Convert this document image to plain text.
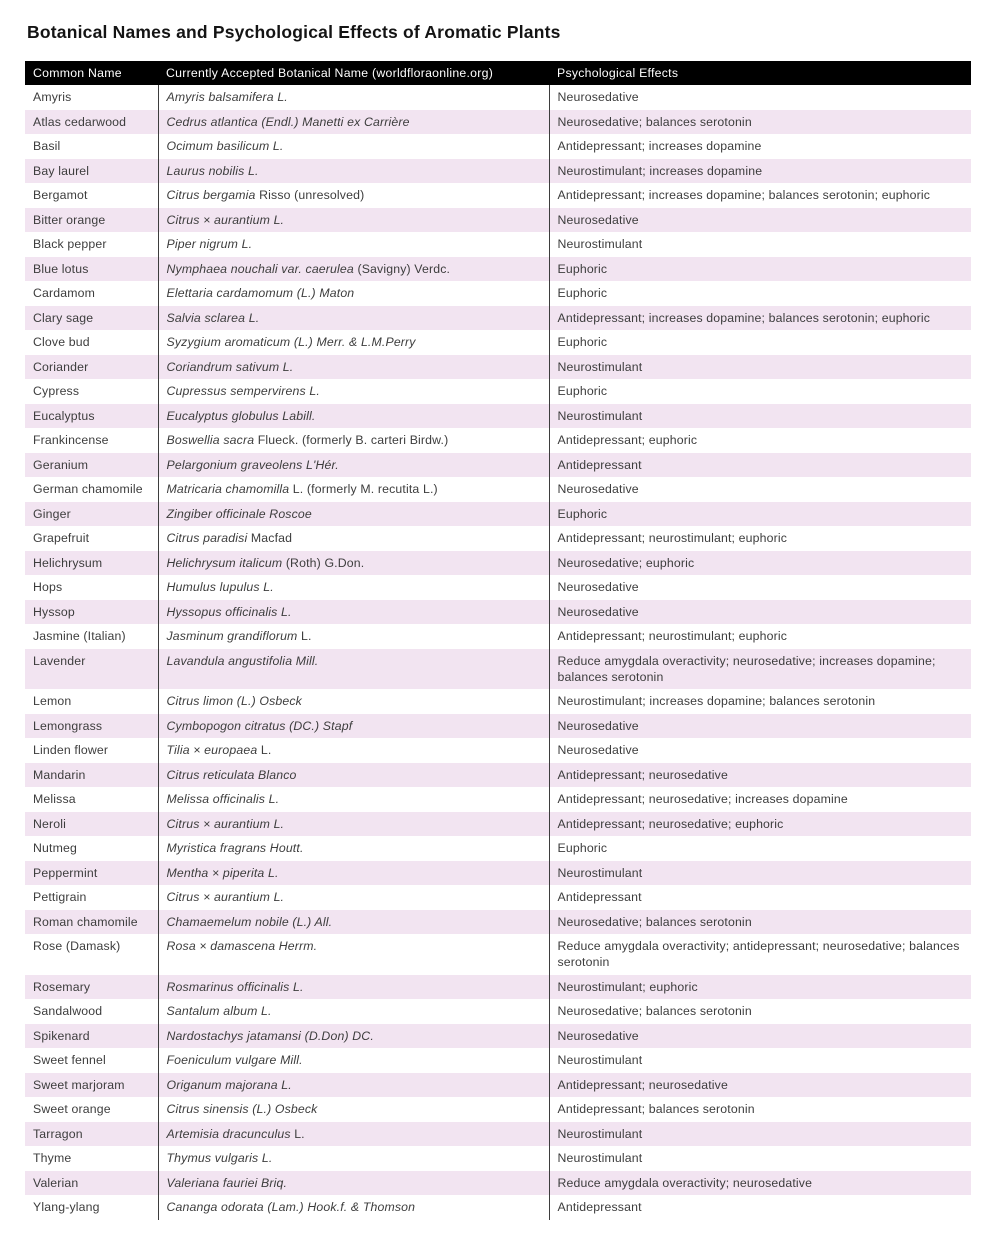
Botanical Names and Psychological Effects of Aromatic Plants
Common Name	Currently Accepted Botanical Name (worldfloraonline.org)	Psychological Effects
Amyris	Amyris balsamifera L.	Neurosedative
Atlas cedarwood	Cedrus atlantica (Endl.) Manetti ex Carrière	Neurosedative; balances serotonin
Basil	Ocimum basilicum L.	Antidepressant; increases dopamine
Bay laurel	Laurus nobilis L.	Neurostimulant; increases dopamine
Bergamot	Citrus bergamia Risso (unresolved)	Antidepressant; increases dopamine; balances serotonin; euphoric
Bitter orange	Citrus × aurantium L.	Neurosedative
Black pepper	Piper nigrum L.	Neurostimulant
Blue lotus	Nymphaea nouchali var. caerulea (Savigny) Verdc.	Euphoric
Cardamom	Elettaria cardamomum (L.) Maton	Euphoric
Clary sage	Salvia sclarea L.	Antidepressant; increases dopamine; balances serotonin; euphoric
Clove bud	Syzygium aromaticum (L.) Merr. & L.M.Perry	Euphoric
Coriander	Coriandrum sativum L.	Neurostimulant
Cypress	Cupressus sempervirens L.	Euphoric
Eucalyptus	Eucalyptus globulus Labill.	Neurostimulant
Frankincense	Boswellia sacra Flueck. (formerly B. carteri Birdw.)	Antidepressant; euphoric
Geranium	Pelargonium graveolens L'Hér.	Antidepressant
German chamomile	Matricaria chamomilla L. (formerly M. recutita L.)	Neurosedative
Ginger	Zingiber officinale Roscoe	Euphoric
Grapefruit	Citrus paradisi Macfad	Antidepressant; neurostimulant; euphoric
Helichrysum	Helichrysum italicum (Roth) G.Don.	Neurosedative; euphoric
Hops	Humulus lupulus L.	Neurosedative
Hyssop	Hyssopus officinalis L.	Neurosedative
Jasmine (Italian)	Jasminum grandiflorum L.	Antidepressant; neurostimulant; euphoric
Lavender	Lavandula angustifolia Mill.	Reduce amygdala overactivity; neurosedative; increases dopamine; balances serotonin
Lemon	Citrus limon (L.) Osbeck	Neurostimulant; increases dopamine; balances serotonin
Lemongrass	Cymbopogon citratus (DC.) Stapf	Neurosedative
Linden flower	Tilia × europaea L.	Neurosedative
Mandarin	Citrus reticulata Blanco	Antidepressant; neurosedative
Melissa	Melissa officinalis L.	Antidepressant; neurosedative; increases dopamine
Neroli	Citrus × aurantium L.	Antidepressant; neurosedative; euphoric
Nutmeg	Myristica fragrans Houtt.	Euphoric
Peppermint	Mentha × piperita L.	Neurostimulant
Pettigrain	Citrus × aurantium L.	Antidepressant
Roman chamomile	Chamaemelum nobile (L.) All.	Neurosedative; balances serotonin
Rose (Damask)	Rosa × damascena Herrm.	Reduce amygdala overactivity; antidepressant; neurosedative; balances serotonin
Rosemary	Rosmarinus officinalis L.	Neurostimulant; euphoric
Sandalwood	Santalum album L.	Neurosedative; balances serotonin
Spikenard	Nardostachys jatamansi (D.Don) DC.	Neurosedative
Sweet fennel	Foeniculum vulgare Mill.	Neurostimulant
Sweet marjoram	Origanum majorana L.	Antidepressant; neurosedative
Sweet orange	Citrus sinensis (L.) Osbeck	Antidepressant; balances serotonin
Tarragon	Artemisia dracunculus L.	Neurostimulant
Thyme	Thymus vulgaris L.	Neurostimulant
Valerian	Valeriana fauriei Briq.	Reduce amygdala overactivity; neurosedative
Ylang-ylang	Cananga odorata (Lam.) Hook.f. & Thomson	Antidepressant
